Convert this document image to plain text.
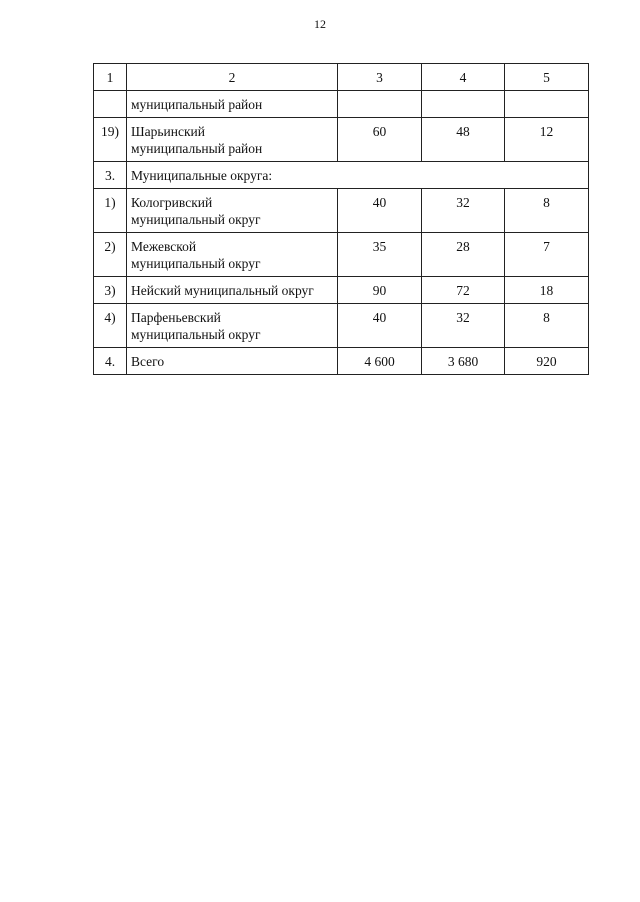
12
1	2	3	4	5
	муниципальный район			
19)	Шарьинский
муниципальный район	60	48	12
3.	Муниципальные округа:			
1)	Кологривский
муниципальный округ	40	32	8
2)	Межевской
муниципальный округ	35	28	7
3)	Нейский муниципальный округ	90	72	18
4)	Парфеньевский
муниципальный округ	40	32	8
4.	Всего	4 600	3 680	920
